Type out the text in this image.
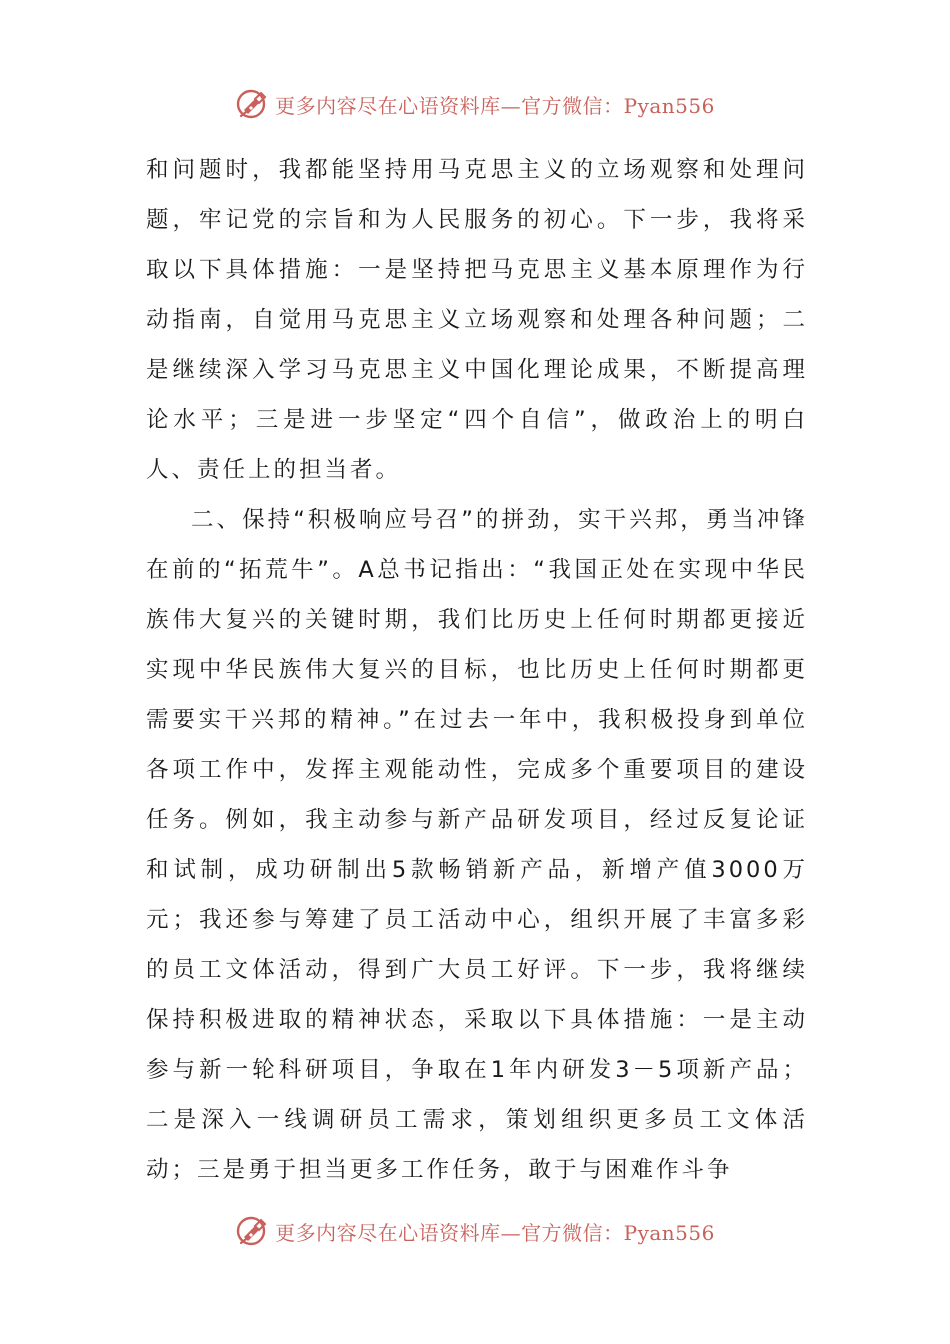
更多内容尽在心语资料库—官方微信：Pyan556

和问题时，我都能坚持用马克思主义的立场观察和处理问题，牢记党的宗旨和为人民服务的初心。下一步，我将采取以下具体措施：一是坚持把马克思主义基本原理作为行动指南，自觉用马克思主义立场观察和处理各种问题；二是继续深入学习马克思主义中国化理论成果，不断提高理论水平；三是进一步坚定“四个自信”，做政治上的明白人、责任上的担当者。

二、保持“积极响应号召”的拼劲，实干兴邦，勇当冲锋在前的“拓荒牛”。A总书记指出：“我国正处在实现中华民族伟大复兴的关键时期，我们比历史上任何时期都更接近实现中华民族伟大复兴的目标，也比历史上任何时期都更需要实干兴邦的精神。”在过去一年中，我积极投身到单位各项工作中，发挥主观能动性，完成多个重要项目的建设任务。例如，我主动参与新产品研发项目，经过反复论证和试制，成功研制出5款畅销新产品，新增产值3000万元；我还参与筹建了员工活动中心，组织开展了丰富多彩的员工文体活动，得到广大员工好评。下一步，我将继续保持积极进取的精神状态，采取以下具体措施：一是主动参与新一轮科研项目，争取在1年内研发3－5项新产品；二是深入一线调研员工需求，策划组织更多员工文体活动；三是勇于担当更多工作任务，敢于与困难作斗争

更多内容尽在心语资料库—官方微信：Pyan556
